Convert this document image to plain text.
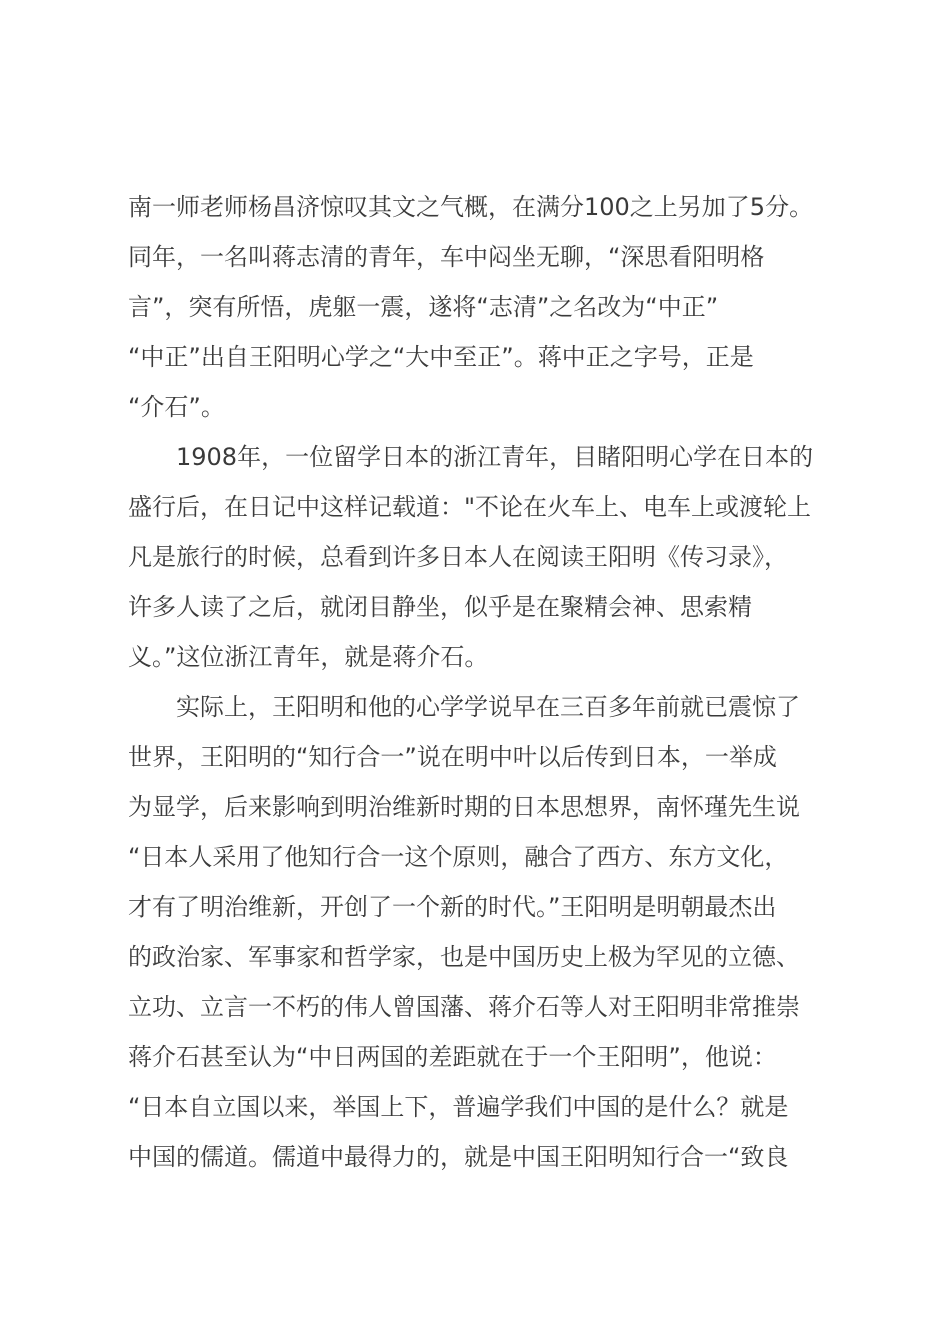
南一师老师杨昌济惊叹其文之气概，在满分100之上另加了5分。
同年，一名叫蒋志清的青年，车中闷坐无聊，“深思看阳明格
言”，突有所悟，虎躯一震，遂将“志清”之名改为“中正”
“中正”出自王阳明心学之“大中至正”。蒋中正之字号，正是
“介石”。
　　1908年，一位留学日本的浙江青年，目睹阳明心学在日本的
盛行后，在日记中这样记载道："不论在火车上、电车上或渡轮上
凡是旅行的时候，总看到许多日本人在阅读王阳明《传习录》，
许多人读了之后，就闭目静坐，似乎是在聚精会神、思索精
义。”这位浙江青年，就是蒋介石。
　　实际上，王阳明和他的心学学说早在三百多年前就已震惊了
世界，王阳明的“知行合一”说在明中叶以后传到日本，一举成
为显学，后来影响到明治维新时期的日本思想界，南怀瑾先生说
“日本人采用了他知行合一这个原则，融合了西方、东方文化，
才有了明治维新，开创了一个新的时代。”王阳明是明朝最杰出
的政治家、军事家和哲学家，也是中国历史上极为罕见的立德、
立功、立言一不朽的伟人曾国藩、蒋介石等人对王阳明非常推崇
蒋介石甚至认为“中日两国的差距就在于一个王阳明”，他说：
“日本自立国以来，举国上下，普遍学我们中国的是什么？就是
中国的儒道。儒道中最得力的，就是中国王阳明知行合一“致良
